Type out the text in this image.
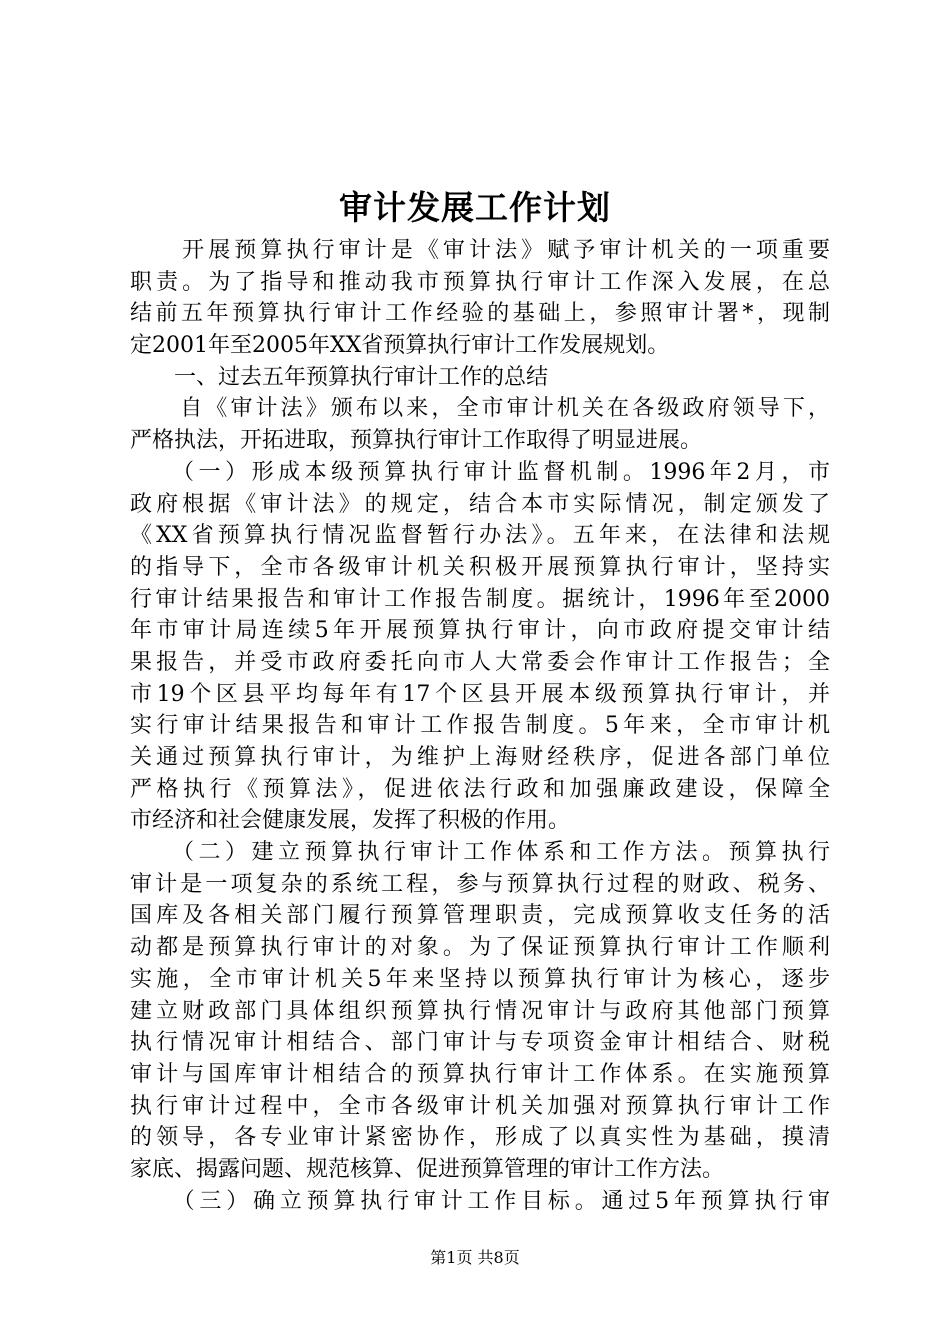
审计发展工作计划
　　开展预算执行审计是《审计法》赋予审计机关的一项重要
职责。为了指导和推动我市预算执行审计工作深入发展，在总
结前五年预算执行审计工作经验的基础上，参照审计署*，现制
定2001年至2005年XX省预算执行审计工作发展规划。
　　一、过去五年预算执行审计工作的总结
　　自《审计法》颁布以来，全市审计机关在各级政府领导下，
严格执法，开拓进取，预算执行审计工作取得了明显进展。
　　（一）形成本级预算执行审计监督机制。1996年2月，市
政府根据《审计法》的规定，结合本市实际情况，制定颁发了
《XX省预算执行情况监督暂行办法》。五年来，在法律和法规
的指导下，全市各级审计机关积极开展预算执行审计，坚持实
行审计结果报告和审计工作报告制度。据统计，1996年至2000
年市审计局连续5年开展预算执行审计，向市政府提交审计结
果报告，并受市政府委托向市人大常委会作审计工作报告；全
市19个区县平均每年有17个区县开展本级预算执行审计，并
实行审计结果报告和审计工作报告制度。5年来，全市审计机
关通过预算执行审计，为维护上海财经秩序，促进各部门单位
严格执行《预算法》，促进依法行政和加强廉政建设，保障全
市经济和社会健康发展，发挥了积极的作用。
　　（二）建立预算执行审计工作体系和工作方法。预算执行
审计是一项复杂的系统工程，参与预算执行过程的财政、税务、
国库及各相关部门履行预算管理职责，完成预算收支任务的活
动都是预算执行审计的对象。为了保证预算执行审计工作顺利
实施，全市审计机关5年来坚持以预算执行审计为核心，逐步
建立财政部门具体组织预算执行情况审计与政府其他部门预算
执行情况审计相结合、部门审计与专项资金审计相结合、财税
审计与国库审计相结合的预算执行审计工作体系。在实施预算
执行审计过程中，全市各级审计机关加强对预算执行审计工作
的领导，各专业审计紧密协作，形成了以真实性为基础，摸清
家底、揭露问题、规范核算、促进预算管理的审计工作方法。
　　（三）确立预算执行审计工作目标。通过5年预算执行审
第1页 共8页
